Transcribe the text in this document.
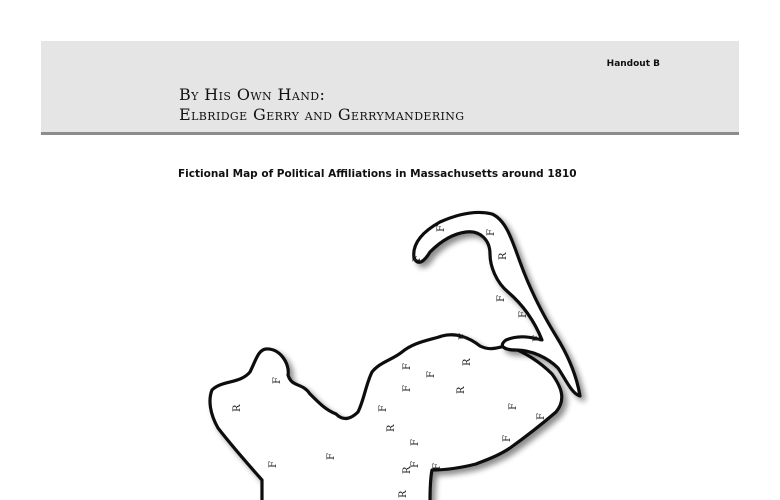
Handout B
By His Own Hand:
Elbridge Gerry and Gerrymandering
Fictional Map of Political Affiliations in Massachusetts around 1810
F
F
F	R
F
F
F
F
R
F
F
R
F
F
F
R	F
R
F
F
F
F
F
R
F F
R
